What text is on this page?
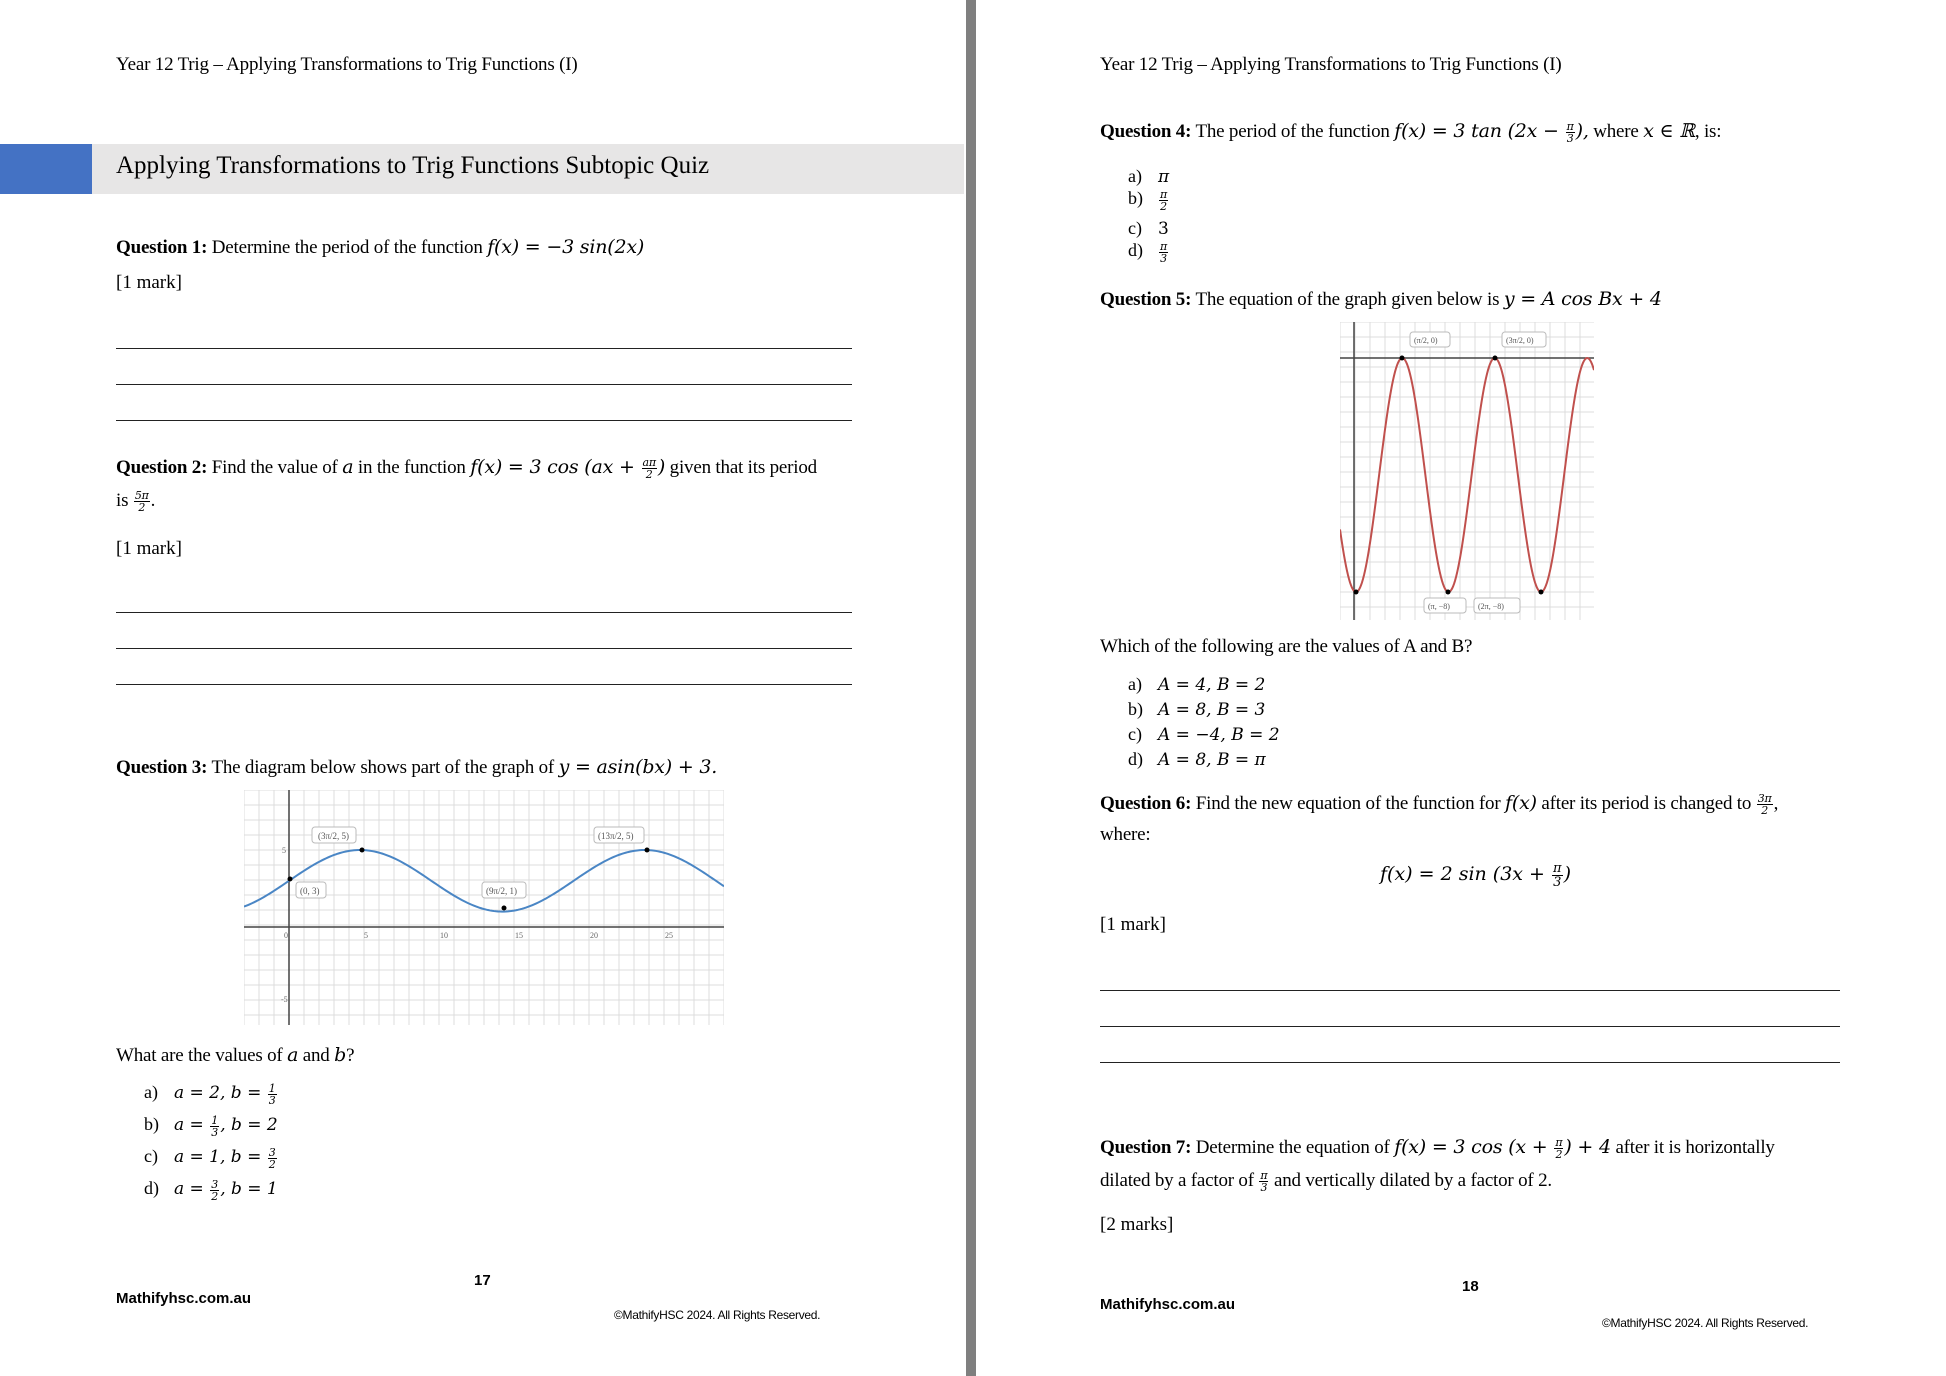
Year 12 Trig – Applying Transformations to Trig Functions (I)
Applying Transformations to Trig Functions Subtopic Quiz
Question 1: Determine the period of the function f(x) = −3 sin(2x)
[1 mark]
Question 2: Find the value of a in the function f(x) = 3 $\cos (ax + \frac{a\pi}{2}$ ) given that its period
is $\frac{5\pi}{2}$ .
[1 mark]
Question 3: The diagram below shows part of the graph of y = asin(bx) + 3.
0	5	10	15	20	25
5
-5
(3π/2, 5)	(13π/2, 5)
(0, 3)	(9π/2, 1)
What are the values of a and b?
a) a = 2, $b = \frac{1}{3}$
b) $a = \frac{1}{3}$ , b = 2
c) a = 1, $b = \frac{3}{2}$
d) $a = \frac{3}{2}$ , b = 1
17
Mathifyhsc.com.au
©MathifyHSC 2024. All Rights Reserved.
Year 12 Trig – Applying Transformations to Trig Functions (I)
Question 4: The period of the function f(x) = 3 $\tan (2x - \frac{\pi}{3}$ ), where x ∈ ℝ, is:
a) π
$b) \frac{\pi}{2}$
c) 3
$d) \frac{\pi}{3}$
Question 5: The equation of the graph given below is y = A cos Bx + 4
(π/2, 0)	(3π/2, 0)
(π, −8)	(2π, −8)
Which of the following are the values of A and B?
a) A = 4, B = 2
b) A = 8, B = 3
c) A = −4, B = 2
d) A = 8, B = π
Question 6: Find the new equation of the function for f(x) after its period is changed to $\frac{3\pi}{2}$ ,
where:
f(x) = 2 $\sin (3x + \frac{\pi}{3}$ )
[1 mark]
Question 7: Determine the equation of f(x) = 3 $\cos (x + \frac{\pi}{2}$ ) + 4 after it is horizontally
dilated by a factor of $\frac{\pi}{3}$ and vertically dilated by a factor of 2.
[2 marks]
18
Mathifyhsc.com.au
©MathifyHSC 2024. All Rights Reserved.
